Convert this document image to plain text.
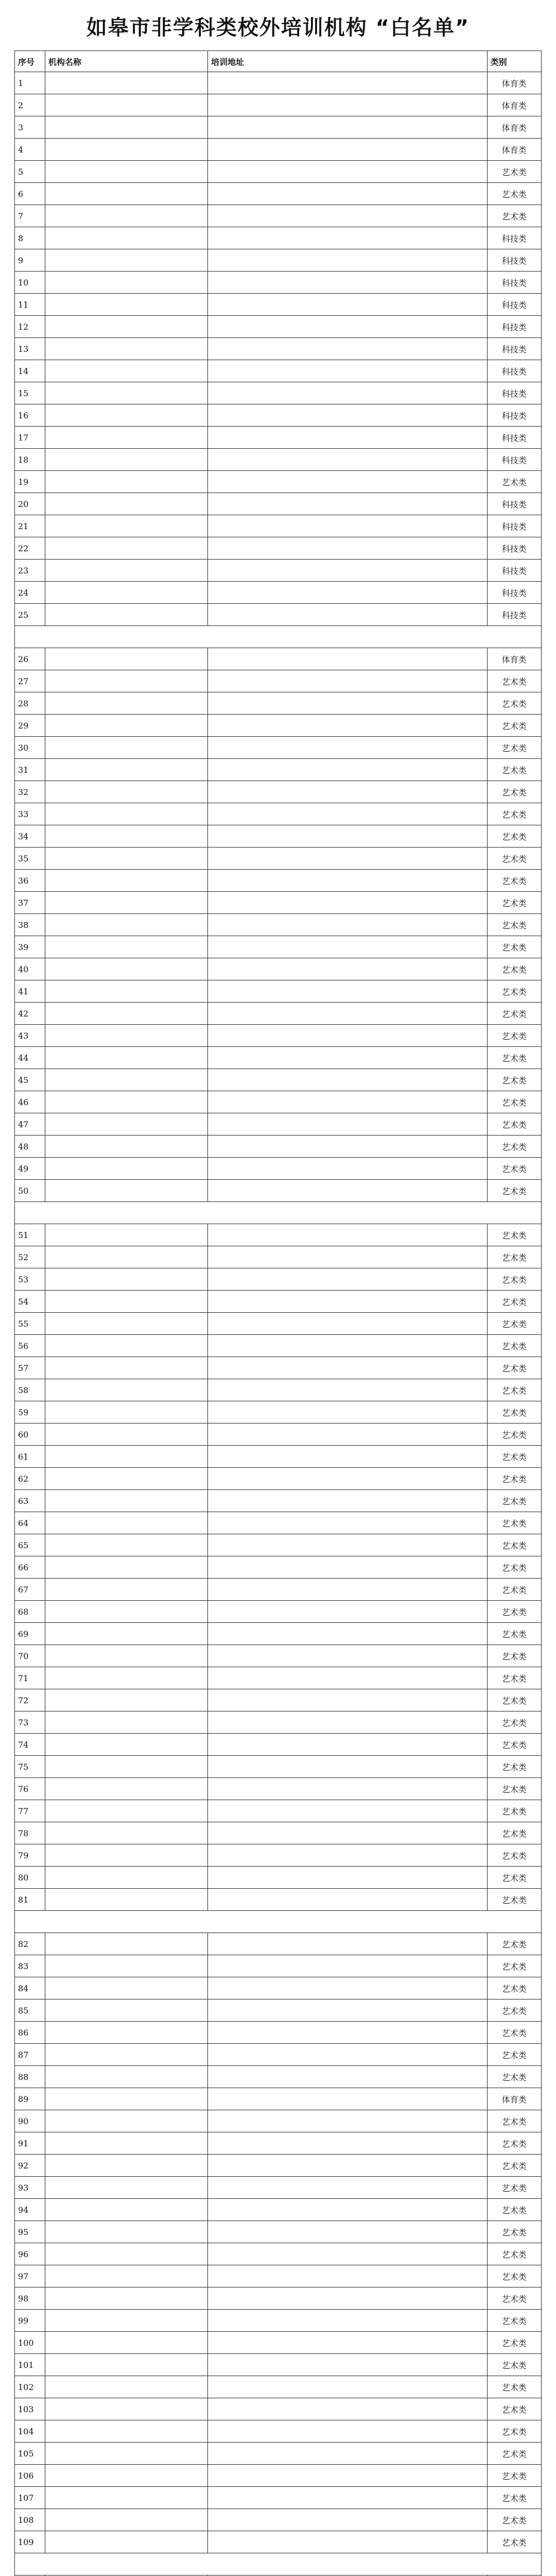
如皋市非学科类校外培训机构 “白名单”
序号	机构名称	培训地址	类别
1			体育类
2			体育类
3			体育类
4			体育类
5			艺术类
6			艺术类
7			艺术类
8			科技类
9			科技类
10			科技类
11			科技类
12			科技类
13			科技类
14			科技类
15			科技类
16			科技类
17			科技类
18			科技类
19			艺术类
20			科技类
21			科技类
22			科技类
23			科技类
24			科技类
25			科技类

26			体育类
27			艺术类
28			艺术类
29			艺术类
30			艺术类
31			艺术类
32			艺术类
33			艺术类
34			艺术类
35			艺术类
36			艺术类
37			艺术类
38			艺术类
39			艺术类
40			艺术类
41			艺术类
42			艺术类
43			艺术类
44			艺术类
45			艺术类
46			艺术类
47			艺术类
48			艺术类
49			艺术类
50			艺术类

51			艺术类
52			艺术类
53			艺术类
54			艺术类
55			艺术类
56			艺术类
57			艺术类
58			艺术类
59			艺术类
60			艺术类
61			艺术类
62			艺术类
63			艺术类
64			艺术类
65			艺术类
66			艺术类
67			艺术类
68			艺术类
69			艺术类
70			艺术类
71			艺术类
72			艺术类
73			艺术类
74			艺术类
75			艺术类
76			艺术类
77			艺术类
78			艺术类
79			艺术类
80			艺术类
81			艺术类

82			艺术类
83			艺术类
84			艺术类
85			艺术类
86			艺术类
87			艺术类
88			艺术类
89			体育类
90			艺术类
91			艺术类
92			艺术类
93			艺术类
94			艺术类
95			艺术类
96			艺术类
97			艺术类
98			艺术类
99			艺术类
100			艺术类
101			艺术类
102			艺术类
103			艺术类
104			艺术类
105			艺术类
106			艺术类
107			艺术类
108			艺术类
109			艺术类
